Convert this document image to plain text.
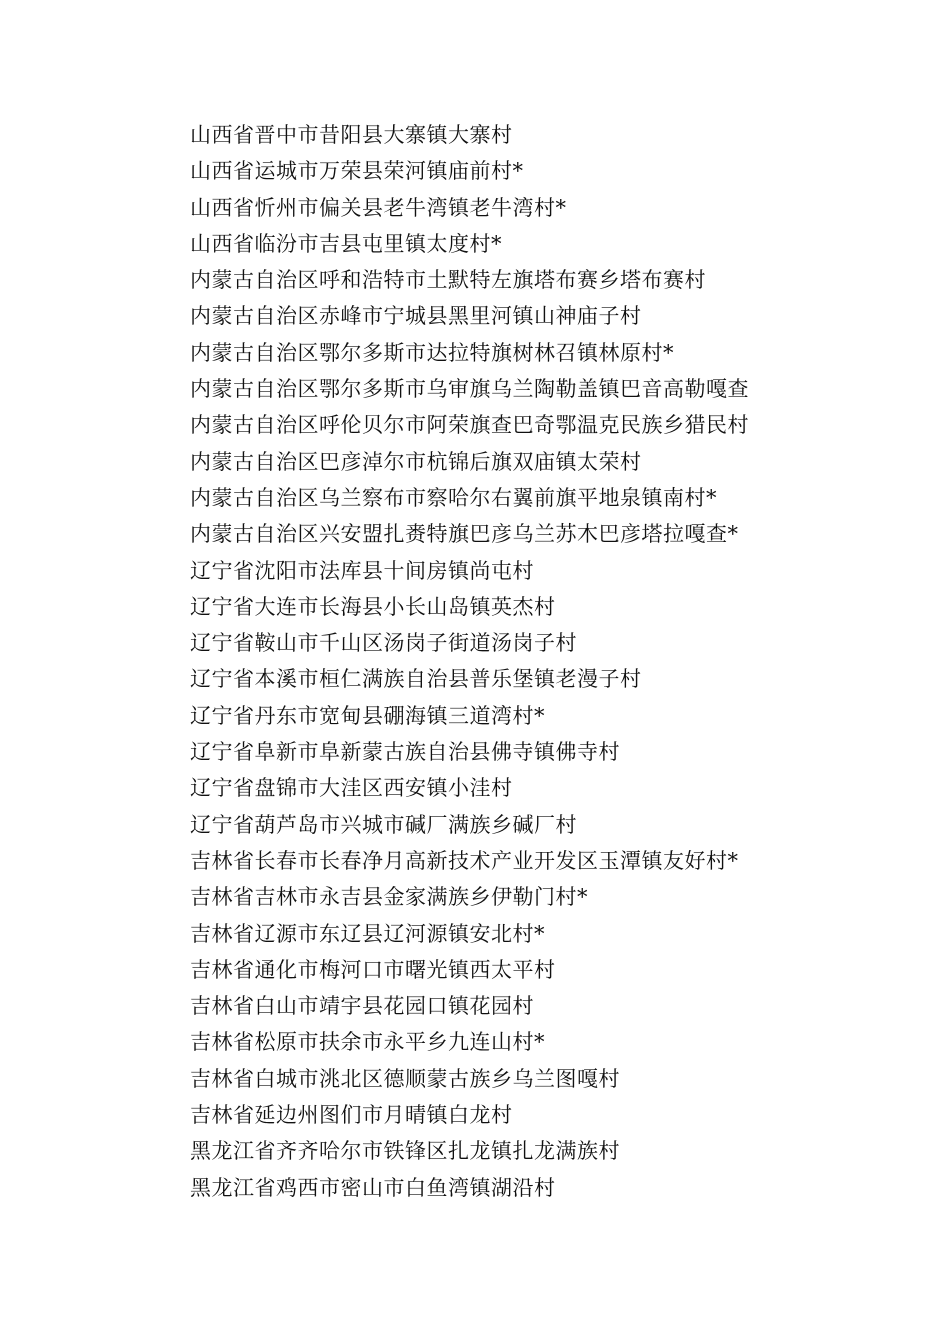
山西省晋中市昔阳县大寨镇大寨村
山西省运城市万荣县荣河镇庙前村*
山西省忻州市偏关县老牛湾镇老牛湾村*
山西省临汾市吉县屯里镇太度村*
内蒙古自治区呼和浩特市土默特左旗塔布赛乡塔布赛村
内蒙古自治区赤峰市宁城县黑里河镇山神庙子村
内蒙古自治区鄂尔多斯市达拉特旗树林召镇林原村*
内蒙古自治区鄂尔多斯市乌审旗乌兰陶勒盖镇巴音高勒嘎查
内蒙古自治区呼伦贝尔市阿荣旗查巴奇鄂温克民族乡猎民村
内蒙古自治区巴彦淖尔市杭锦后旗双庙镇太荣村
内蒙古自治区乌兰察布市察哈尔右翼前旗平地泉镇南村*
内蒙古自治区兴安盟扎赉特旗巴彦乌兰苏木巴彦塔拉嘎查*
辽宁省沈阳市法库县十间房镇尚屯村
辽宁省大连市长海县小长山岛镇英杰村
辽宁省鞍山市千山区汤岗子街道汤岗子村
辽宁省本溪市桓仁满族自治县普乐堡镇老漫子村
辽宁省丹东市宽甸县硼海镇三道湾村*
辽宁省阜新市阜新蒙古族自治县佛寺镇佛寺村
辽宁省盘锦市大洼区西安镇小洼村
辽宁省葫芦岛市兴城市碱厂满族乡碱厂村
吉林省长春市长春净月高新技术产业开发区玉潭镇友好村*
吉林省吉林市永吉县金家满族乡伊勒门村*
吉林省辽源市东辽县辽河源镇安北村*
吉林省通化市梅河口市曙光镇西太平村
吉林省白山市靖宇县花园口镇花园村
吉林省松原市扶余市永平乡九连山村*
吉林省白城市洮北区德顺蒙古族乡乌兰图嘎村
吉林省延边州图们市月晴镇白龙村
黑龙江省齐齐哈尔市铁锋区扎龙镇扎龙满族村
黑龙江省鸡西市密山市白鱼湾镇湖沿村
